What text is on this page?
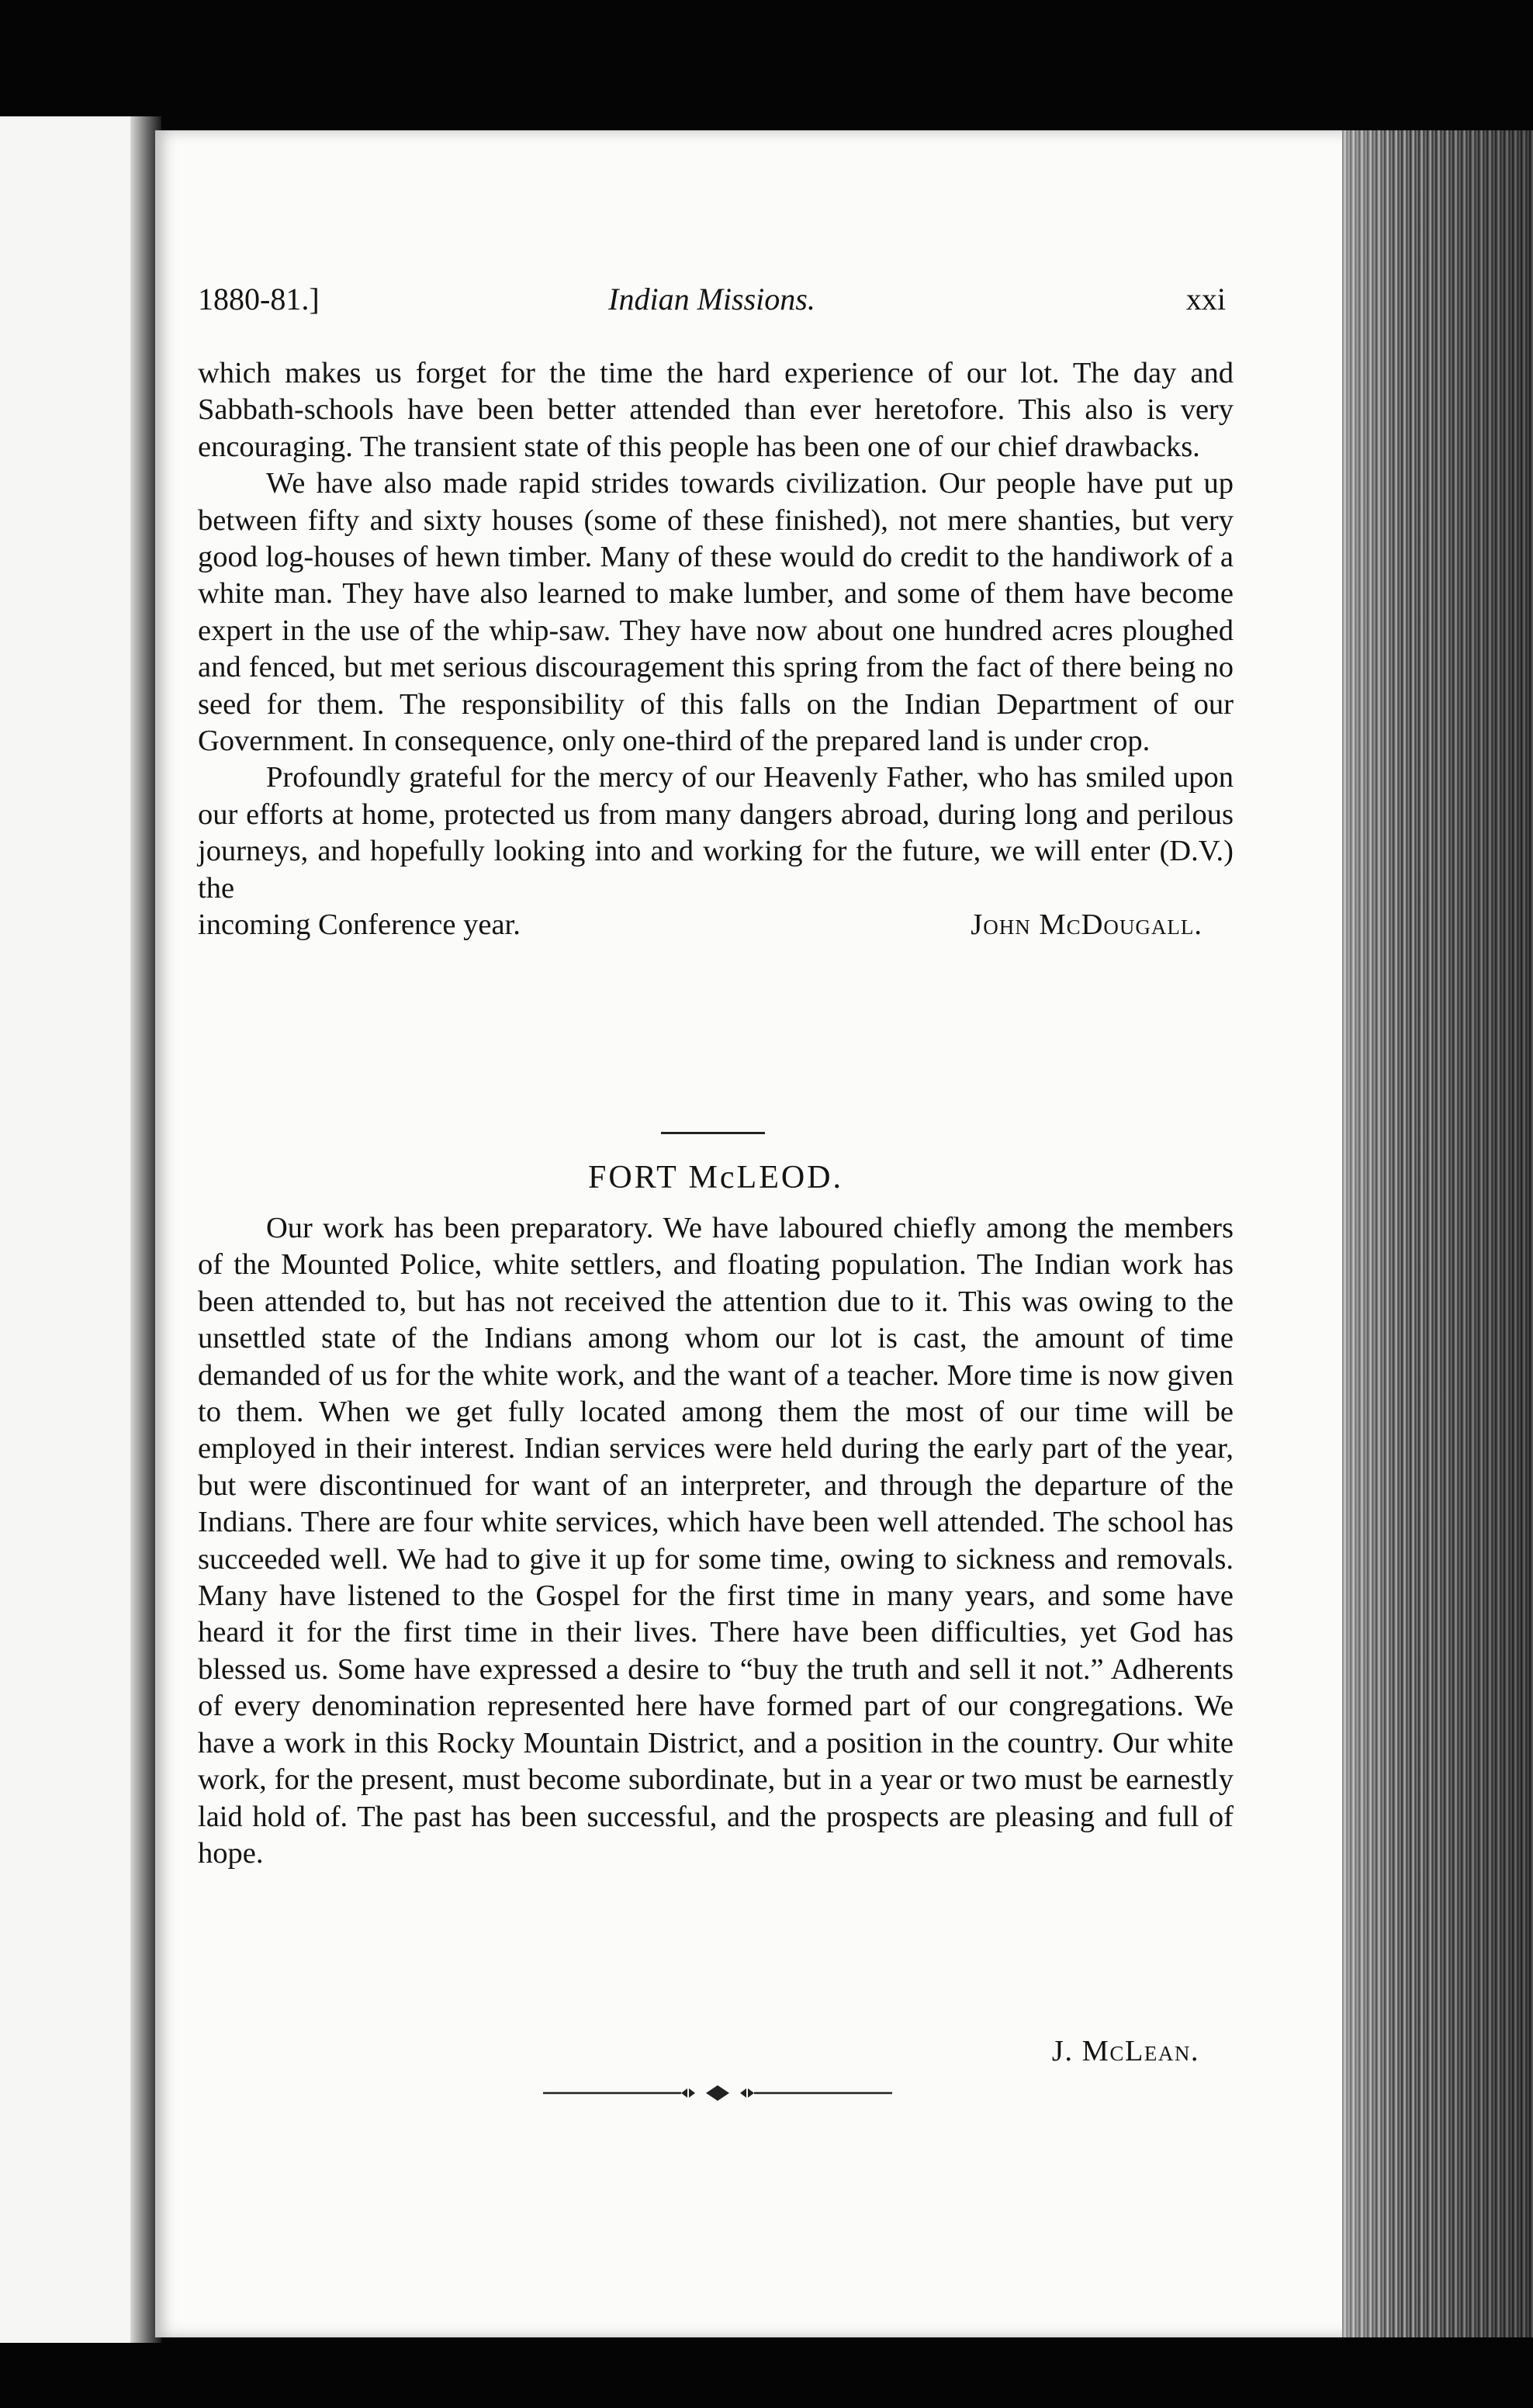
1880-81.]	Indian Missions.	xxi

which makes us forget for the time the hard experience of our lot. The day and Sabbath-schools have been better attended than ever heretofore. This also is very encouraging. The transient state of this people has been one of our chief drawbacks.

We have also made rapid strides towards civilization. Our people have put up between fifty and sixty houses (some of these finished), not mere shanties, but very good log-houses of hewn timber. Many of these would do credit to the handiwork of a white man. They have also learned to make lumber, and some of them have become expert in the use of the whip-saw. They have now about one hundred acres ploughed and fenced, but met serious discouragement this spring from the fact of there being no seed for them. The responsibility of this falls on the Indian Department of our Government. In consequence, only one-third of the prepared land is under crop.

Profoundly grateful for the mercy of our Heavenly Father, who has smiled upon our efforts at home, protected us from many dangers abroad, during long and perilous journeys, and hopefully looking into and working for the future, we will enter (D.V.) the

incoming Conference year.	John McDougall.
FORT McLEOD.

Our work has been preparatory. We have laboured chiefly among the members of the Mounted Police, white settlers, and floating population. The Indian work has been attended to, but has not received the attention due to it. This was owing to the unsettled state of the Indians among whom our lot is cast, the amount of time demanded of us for the white work, and the want of a teacher. More time is now given to them. When we get fully located among them the most of our time will be employed in their interest. Indian services were held during the early part of the year, but were discontinued for want of an interpreter, and through the departure of the Indians. There are four white services, which have been well attended. The school has succeeded well. We had to give it up for some time, owing to sickness and removals. Many have listened to the Gospel for the first time in many years, and some have heard it for the first time in their lives. There have been difficulties, yet God has blessed us. Some have expressed a desire to “buy the truth and sell it not.” Adherents of every denomination represented here have formed part of our congregations. We have a work in this Rocky Mountain District, and a position in the country. Our white work, for the present, must become subordinate, but in a year or two must be earnestly laid hold of. The past has been successful, and the prospects are pleasing and full of hope.

J. McLean.
